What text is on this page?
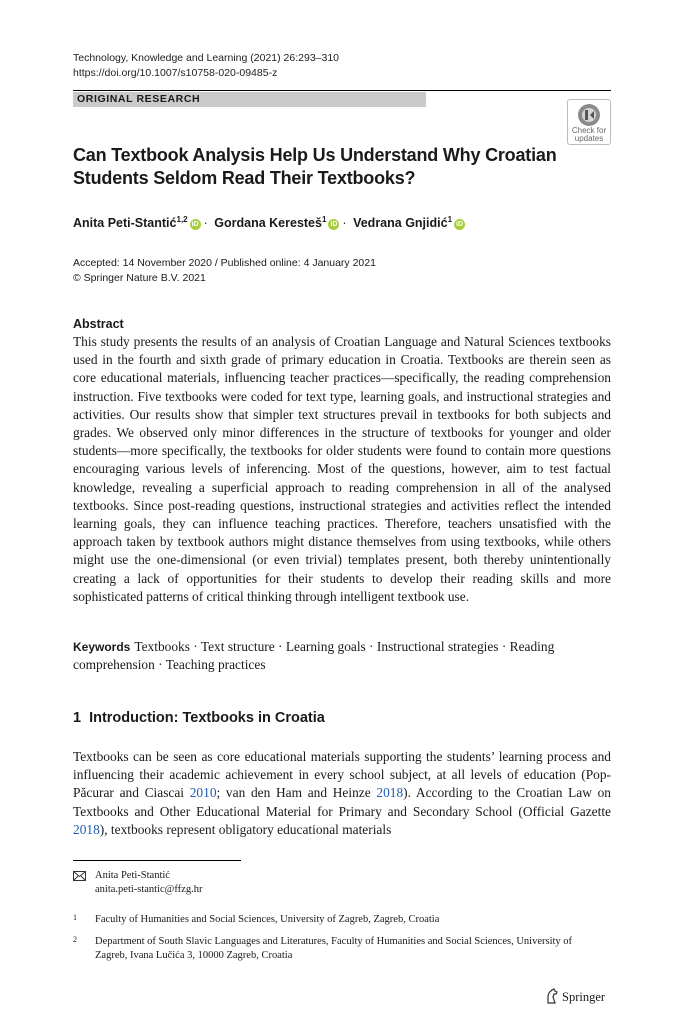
Technology, Knowledge and Learning (2021) 26:293–310
https://doi.org/10.1007/s10758-020-09485-z
ORIGINAL RESEARCH
Check for
updates
Can Textbook Analysis Help Us Understand Why Croatian
Students Seldom Read Their Textbooks?
Anita Peti-Stantić$^{1,2}$iD · Gordana Keresteš$^1$iD · Vedrana Gnjidić$^1$iD
Accepted: 14 November 2020 / Published online: 4 January 2021
© Springer Nature B.V. 2021
Abstract
This study presents the results of an analysis of Croatian Language and Natural Sciences textbooks used in the fourth and sixth grade of primary education in Croatia. Textbooks are therein seen as core educational materials, influencing teacher practices—specifically, the reading comprehension instruction. Five textbooks were coded for text type, learning goals, and instructional strategies and activities. Our results show that simpler text structures prevail in textbooks for both subjects and grades. We observed only minor differences in the structure of textbooks for younger and older students—more specifically, the textbooks for older students were found to contain more questions encouraging various levels of inferencing. Most of the questions, however, aim to test factual knowledge, revealing a superficial approach to reading comprehension in all of the analysed textbooks. Since post-reading questions, instructional strategies and activities reflect the intended learning goals, they can influence teaching practices. Therefore, teachers unsatisfied with the approach taken by textbook authors might distance themselves from using textbooks, while others might use the one-dimensional (or even trivial) templates present, both thereby unintentionally creating a lack of opportunities for their students to develop their reading skills and more sophisticated patterns of critical thinking through intelligent textbook use.
Keywords Textbooks · Text structure · Learning goals · Instructional strategies · Reading comprehension · Teaching practices
1 Introduction: Textbooks in Croatia
Textbooks can be seen as core educational materials supporting the students’ learning process and influencing their academic achievement in every school subject, at all levels of education (Pop-Păcurar and Ciascai 2010; van den Ham and Heinze 2018). According to the Croatian Law on Textbooks and Other Educational Material for Primary and Secondary School (Official Gazette 2018), textbooks represent obligatory educational materials
Anita Peti-Stantić
anita.peti-stantic@ffzg.hr
1 Faculty of Humanities and Social Sciences, University of Zagreb, Zagreb, Croatia
2 Department of South Slavic Languages and Literatures, Faculty of Humanities and Social Sciences, University of Zagreb, Ivana Lučića 3, 10000 Zagreb, Croatia
Springer
